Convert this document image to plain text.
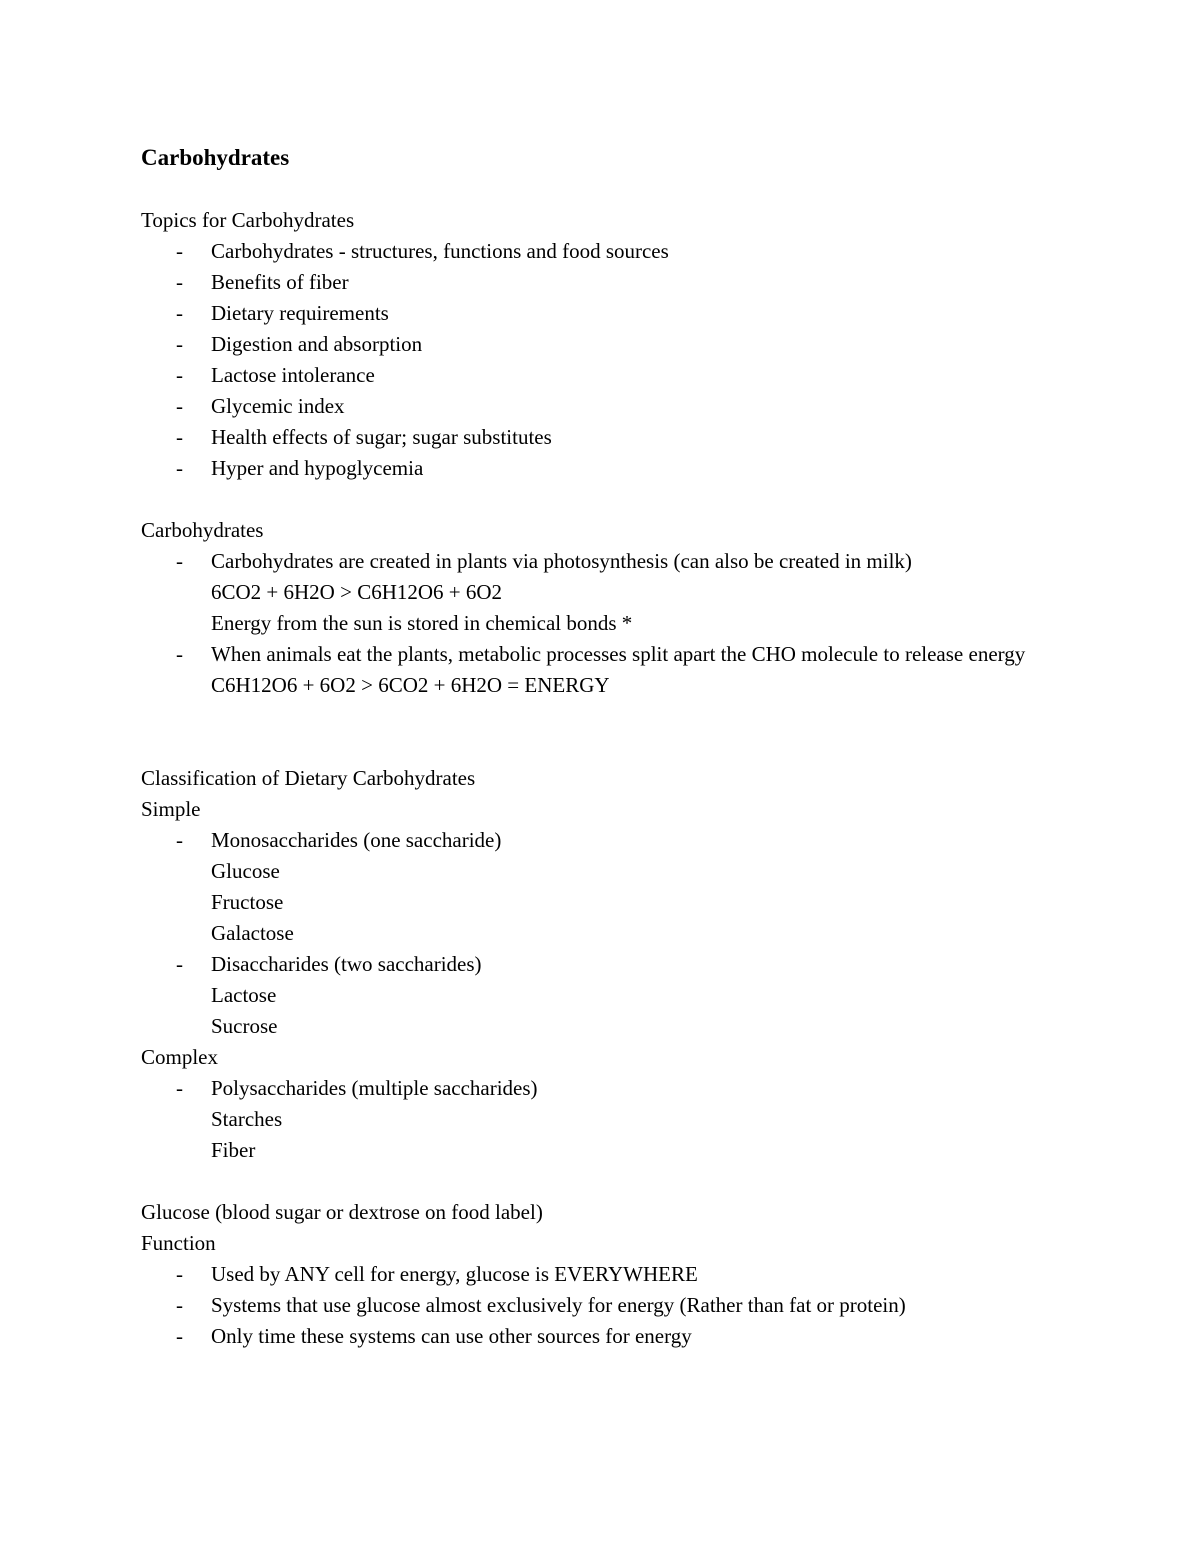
Carbohydrates
Topics for Carbohydrates
- Carbohydrates - structures, functions and food sources
- Benefits of fiber
- Dietary requirements
- Digestion and absorption
- Lactose intolerance
- Glycemic index
- Health effects of sugar; sugar substitutes
- Hyper and hypoglycemia
Carbohydrates
- Carbohydrates are created in plants via photosynthesis (can also be created in milk)
6CO2 + 6H2O > C6H12O6 + 6O2
Energy from the sun is stored in chemical bonds *
- When animals eat the plants, metabolic processes split apart the CHO molecule to release energy
C6H12O6 + 6O2 > 6CO2 + 6H2O = ENERGY
Classification of Dietary Carbohydrates
Simple
- Monosaccharides (one saccharide)
Glucose
Fructose
Galactose
- Disaccharides (two saccharides)
Lactose
Sucrose
Complex
- Polysaccharides (multiple saccharides)
Starches
Fiber
Glucose (blood sugar or dextrose on food label)
Function
- Used by ANY cell for energy, glucose is EVERYWHERE
- Systems that use glucose almost exclusively for energy (Rather than fat or protein)
- Only time these systems can use other sources for energy
